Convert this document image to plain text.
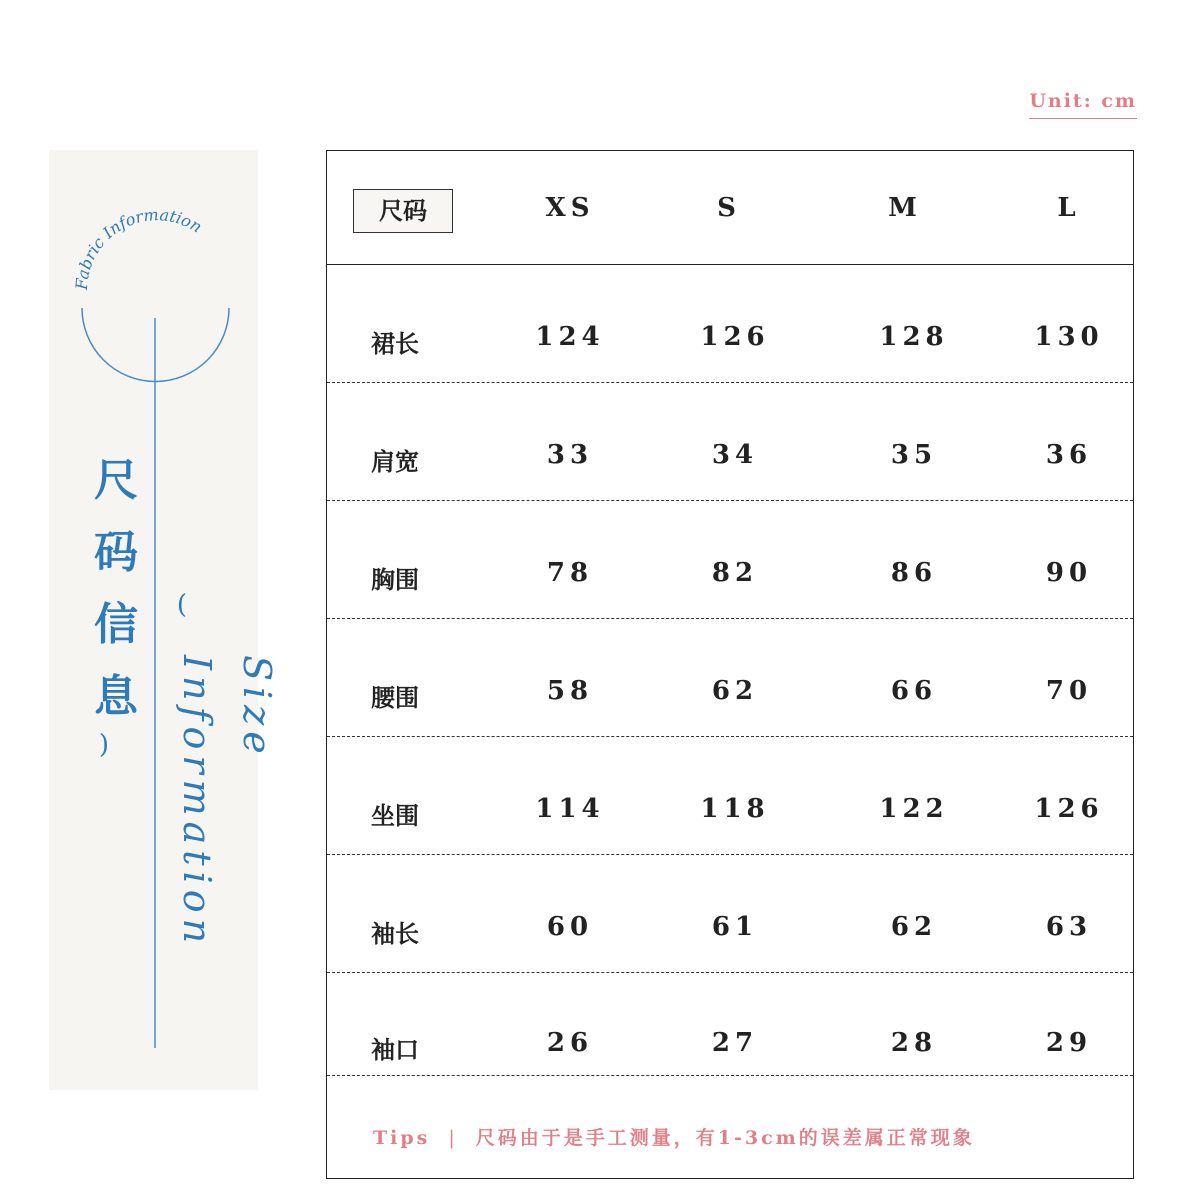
Unit: cm
Fabric Information
尺
码
信
息
(
)	Size Information
尺码	XS	S	M	L
裙长	124	126	128	130
肩宽	33	34	35	36
胸围	78	82	86	90
腰围	58	62	66	70
坐围	114	118	122	126
袖长	60	61	62	63
袖口	26	27	28	29
Tips | 尺码由于是手工测量，有1-3cm的误差属正常现象
